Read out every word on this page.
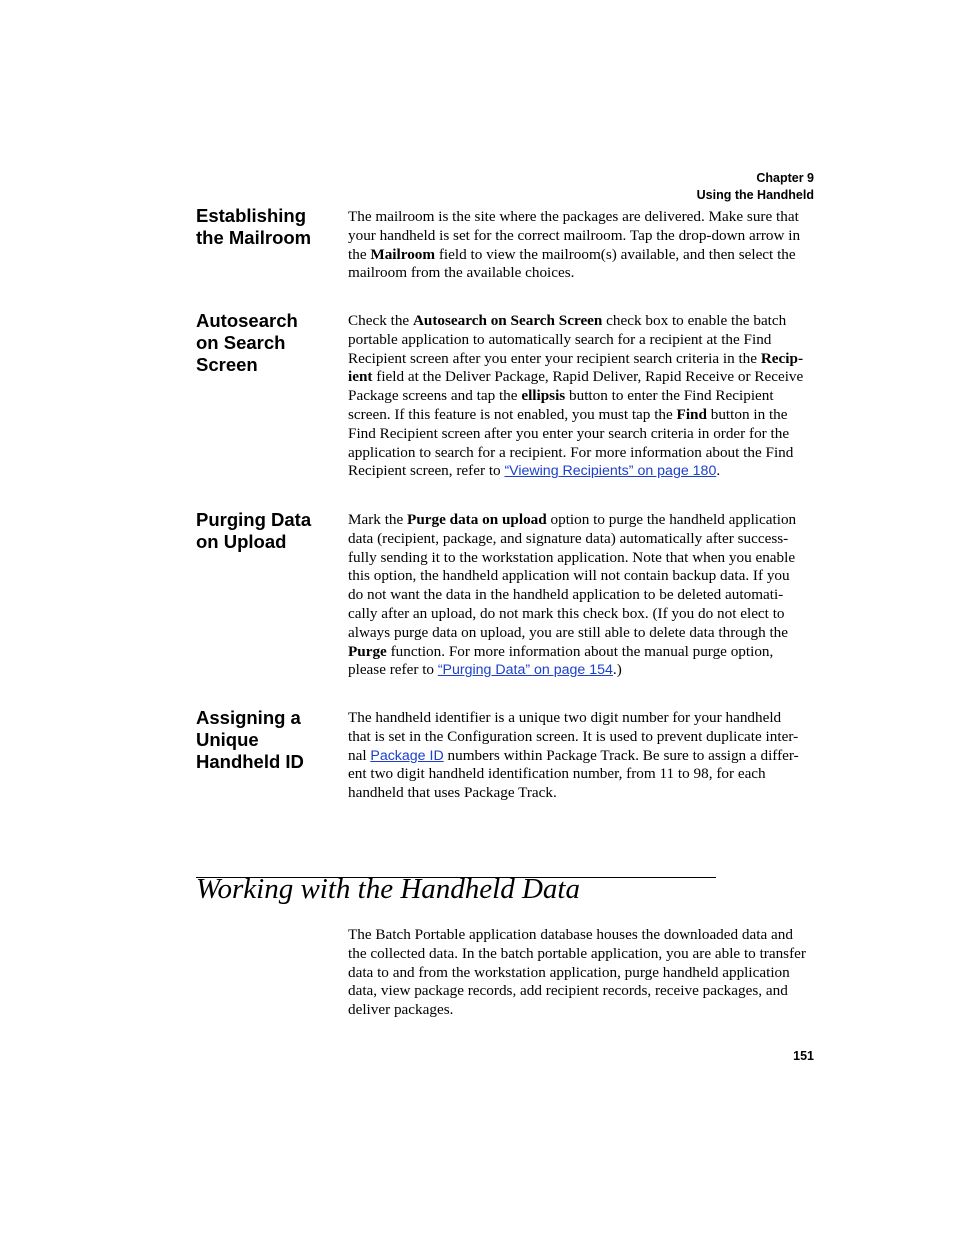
Chapter 9
Using the Handheld
Establishing
the Mailroom
The mailroom is the site where the packages are delivered. Make sure that
your handheld is set for the correct mailroom. Tap the drop-down arrow in
the Mailroom field to view the mailroom(s) available, and then select the
mailroom from the available choices.
Autosearch
on Search
Screen
Check the Autosearch on Search Screen check box to enable the batch
portable application to automatically search for a recipient at the Find
Recipient screen after you enter your recipient search criteria in the Recip-
ient field at the Deliver Package, Rapid Deliver, Rapid Receive or Receive
Package screens and tap the ellipsis button to enter the Find Recipient
screen. If this feature is not enabled, you must tap the Find button in the
Find Recipient screen after you enter your search criteria in order for the
application to search for a recipient. For more information about the Find
Recipient screen, refer to “Viewing Recipients” on page 180.
Purging Data
on Upload
Mark the Purge data on upload option to purge the handheld application
data (recipient, package, and signature data) automatically after success-
fully sending it to the workstation application. Note that when you enable
this option, the handheld application will not contain backup data. If you
do not want the data in the handheld application to be deleted automati-
cally after an upload, do not mark this check box. (If you do not elect to
always purge data on upload, you are still able to delete data through the
Purge function. For more information about the manual purge option,
please refer to “Purging Data” on page 154.)
Assigning a
Unique
Handheld ID
The handheld identifier is a unique two digit number for your handheld
that is set in the Configuration screen. It is used to prevent duplicate inter-
nal Package ID numbers within Package Track. Be sure to assign a differ-
ent two digit handheld identification number, from 11 to 98, for each
handheld that uses Package Track.
Working with the Handheld Data
The Batch Portable application database houses the downloaded data and
the collected data. In the batch portable application, you are able to transfer
data to and from the workstation application, purge handheld application
data, view package records, add recipient records, receive packages, and
deliver packages.
151
